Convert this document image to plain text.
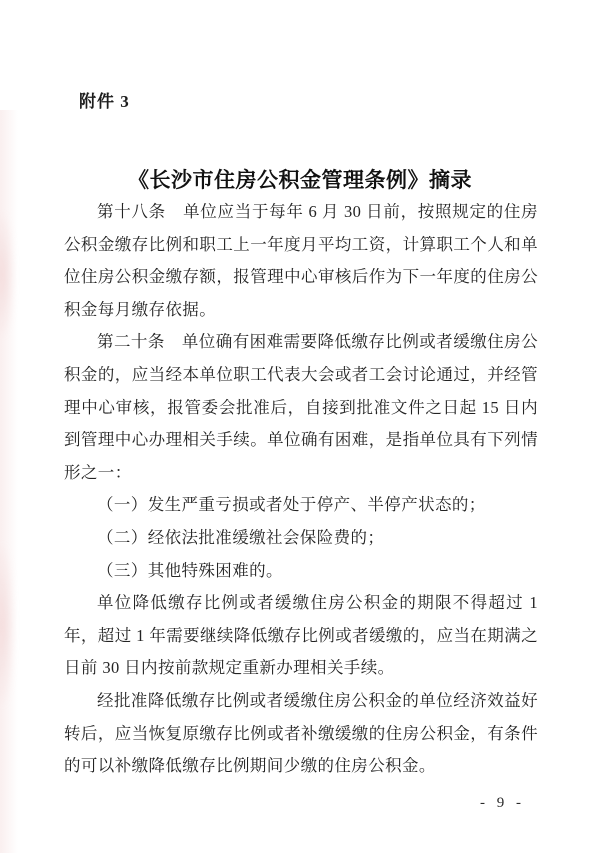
附件 3
《长沙市住房公积金管理条例》摘录

第十八条　单位应当于每年 6 月 30 日前，按照规定的住房公积金缴存比例和职工上一年度月平均工资，计算职工个人和单位住房公积金缴存额，报管理中心审核后作为下一年度的住房公积金每月缴存依据。

第二十条　单位确有困难需要降低缴存比例或者缓缴住房公积金的，应当经本单位职工代表大会或者工会讨论通过，并经管理中心审核，报管委会批准后，自接到批准文件之日起 15 日内到管理中心办理相关手续。单位确有困难，是指单位具有下列情形之一：

（一）发生严重亏损或者处于停产、半停产状态的；

（二）经依法批准缓缴社会保险费的；

（三）其他特殊困难的。

单位降低缴存比例或者缓缴住房公积金的期限不得超过 1 年，超过 1 年需要继续降低缴存比例或者缓缴的，应当在期满之日前 30 日内按前款规定重新办理相关手续。

经批准降低缴存比例或者缓缴住房公积金的单位经济效益好转后，应当恢复原缴存比例或者补缴缓缴的住房公积金，有条件的可以补缴降低缴存比例期间少缴的住房公积金。

- 9 -
